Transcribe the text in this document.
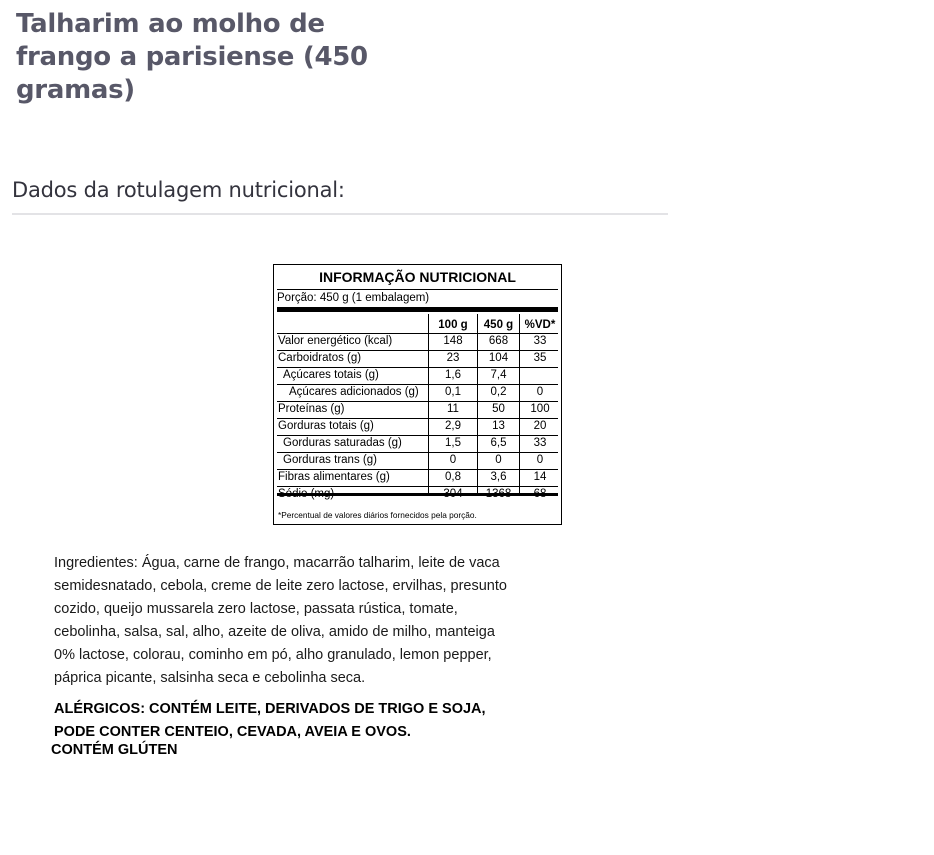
Talharim ao molho de frango a parisiense (450 gramas)
Dados da rotulagem nutricional:
INFORMAÇÃO NUTRICIONAL
Porção: 450 g (1 embalagem)
100 g	450 g %VD*
*Percentual de valores diários fornecidos pela porção.
Valor energético (kcal)	148	668	33
Carboidratos (g)	23	104	35
Açúcares totais (g)	1,6	7,4
Açúcares adicionados (g)	0,1	0,2	0
Proteínas (g)	11	50	100
Gorduras totais (g)	2,9	13	20
Gorduras saturadas (g)	1,5	6,5	33
Gorduras trans (g)	0	0	0
Fibras alimentares (g)	0,8	3,6	14
Sódio (mg)	304	1368	68
Ingredientes: Água, carne de frango, macarrão talharim, leite de vaca
semidesnatado, cebola, creme de leite zero lactose, ervilhas, presunto
cozido, queijo mussarela zero lactose, passata rústica, tomate,
cebolinha, salsa, sal, alho, azeite de oliva, amido de milho, manteiga
0% lactose, colorau, cominho em pó, alho granulado, lemon pepper,
páprica picante, salsinha seca e cebolinha seca.
ALÉRGICOS: CONTÉM LEITE, DERIVADOS DE TRIGO E SOJA,
PODE CONTER CENTEIO, CEVADA, AVEIA E OVOS.
CONTÉM GLÚTEN
